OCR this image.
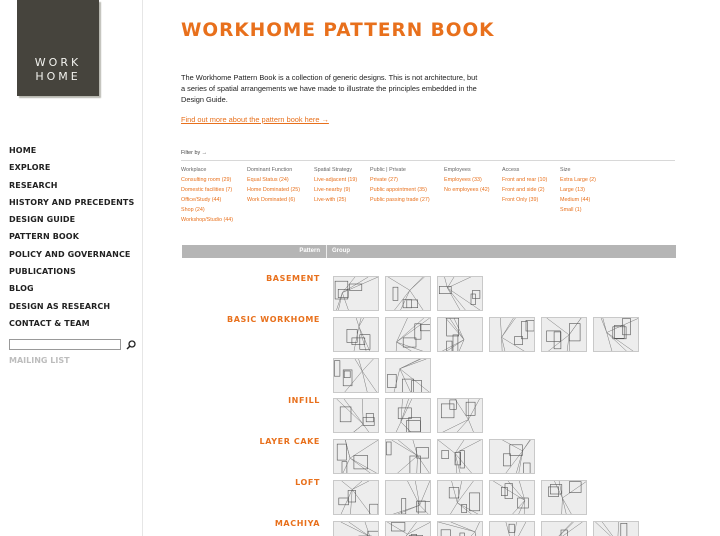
WORK
HOME
HOME
EXPLORE
RESEARCH
HISTORY AND PRECEDENTS
DESIGN GUIDE
PATTERN BOOK
POLICY AND GOVERNANCE
PUBLICATIONS
BLOG
DESIGN AS RESEARCH
CONTACT & TEAM
MAILING LIST
WORKHOME PATTERN BOOK
The Workhome Pattern Book is a collection of generic designs. This is not architecture, but a series of spatial arrangements we have made to illustrate the principles embedded in the Design Guide.
Find out more about the pattern book here →
Filter by →
Workplace
Consulting room (29)
Domestic facilities (7)
Office/Study (44)
Shop (24)
Workshop/Studio (44)
Dominant Function
Equal Status (24)
Home Dominated (25)
Work Dominated (6)
Spatial Strategy
Live-adjacent (19)
Live-nearby (9)
Live-with (25)
Public | Private
Private (27)
Public appointment (35)
Public passing trade (27)
Employees
Employees (33)
No employees (42)
Access
Front and rear (10)
Front and side (2)
Front Only (39)
Size
Extra Large (2)
Large (13)
Medium (44)
Small (1)
Pattern	Group
BASEMENT
BASIC WORKHOME
INFILL
LAYER CAKE
LOFT
MACHIYA
